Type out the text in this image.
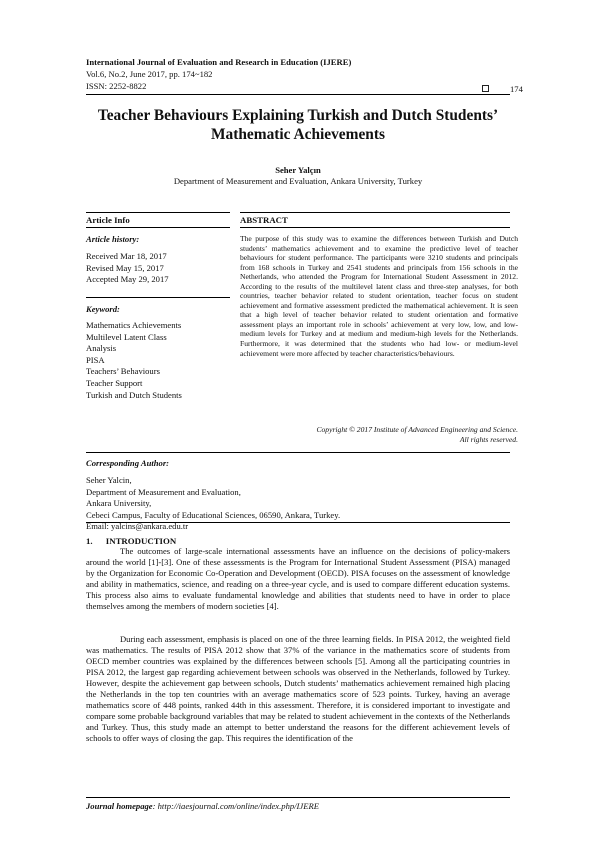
International Journal of Evaluation and Research in Education (IJERE)
Vol.6, No.2, June 2017, pp. 174~182
ISSN: 2252-8822	174
Teacher Behaviours Explaining Turkish and Dutch Students’
Mathematic Achievements
Seher Yalçın
Department of Measurement and Evaluation, Ankara University, Turkey
Article Info	ABSTRACT
Article history:
Received Mar 18, 2017
Revised May 15, 2017
Accepted May 29, 2017
Keyword:
Mathematics Achievements
Multilevel Latent Class
Analysis
PISA
Teachers’ Behaviours
Teacher Support
Turkish and Dutch Students
The purpose of this study was to examine the differences between Turkish and Dutch students’ mathematics achievement and to examine the predictive level of teacher behaviours for student performance. The participants were 3210 students and principals from 168 schools in Turkey and 2541 students and principals from 156 schools in the Netherlands, who attended the Program for International Student Assessment in 2012. According to the results of the multilevel latent class and three-step analyses, for both countries, teacher behavior related to student orientation, teacher focus on student achievement and formative assessment predicted the mathematical achievement. It is seen that a high level of teacher behavior related to student orientation and formative assessment plays an important role in schools’ achievement at very low, low, and low-medium levels for Turkey and at medium and medium-high levels for the Netherlands. Furthermore, it was determined that the students who had low- or medium-level achievement were more affected by teacher characteristics/behaviours.
Copyright © 2017 Institute of Advanced Engineering and Science.
All rights reserved.
Corresponding Author:
Seher Yalcin,
Department of Measurement and Evaluation,
Ankara University,
Cebeci Campus, Faculty of Educational Sciences, 06590, Ankara, Turkey.
Email: yalcins@ankara.edu.tr
1.      INTRODUCTION
The outcomes of large-scale international assessments have an influence on the decisions of policy-makers around the world [1]-[3]. One of these assessments is the Program for International Student Assessment (PISA) managed by the Organization for Economic Co-Operation and Development (OECD). PISA focuses on the assessment of knowledge and ability in mathematics, science, and reading on a three-year cycle, and is used to compare different education systems. This process also aims to evaluate fundamental knowledge and abilities that students need to have in order to place themselves among the members of modern societies [4].
During each assessment, emphasis is placed on one of the three learning fields. In PISA 2012, the weighted field was mathematics. The results of PISA 2012 show that 37% of the variance in the mathematics score of students from OECD member countries was explained by the differences between schools [5]. Among all the participating countries in PISA 2012, the largest gap regarding achievement between schools was observed in the Netherlands, followed by Turkey. However, despite the achievement gap between schools, Dutch students’ mathematics achievement remained high placing the Netherlands in the top ten countries with an average mathematics score of 523 points. Turkey, having an average mathematics score of 448 points, ranked 44th in this assessment. Therefore, it is considered important to investigate and compare some probable background variables that may be related to student achievement in the contexts of the Netherlands and Turkey. Thus, this study made an attempt to better understand the reasons for the different achievement levels of schools to offer ways of closing the gap. This requires the identification of the
Journal homepage: http://iaesjournal.com/online/index.php/IJERE
